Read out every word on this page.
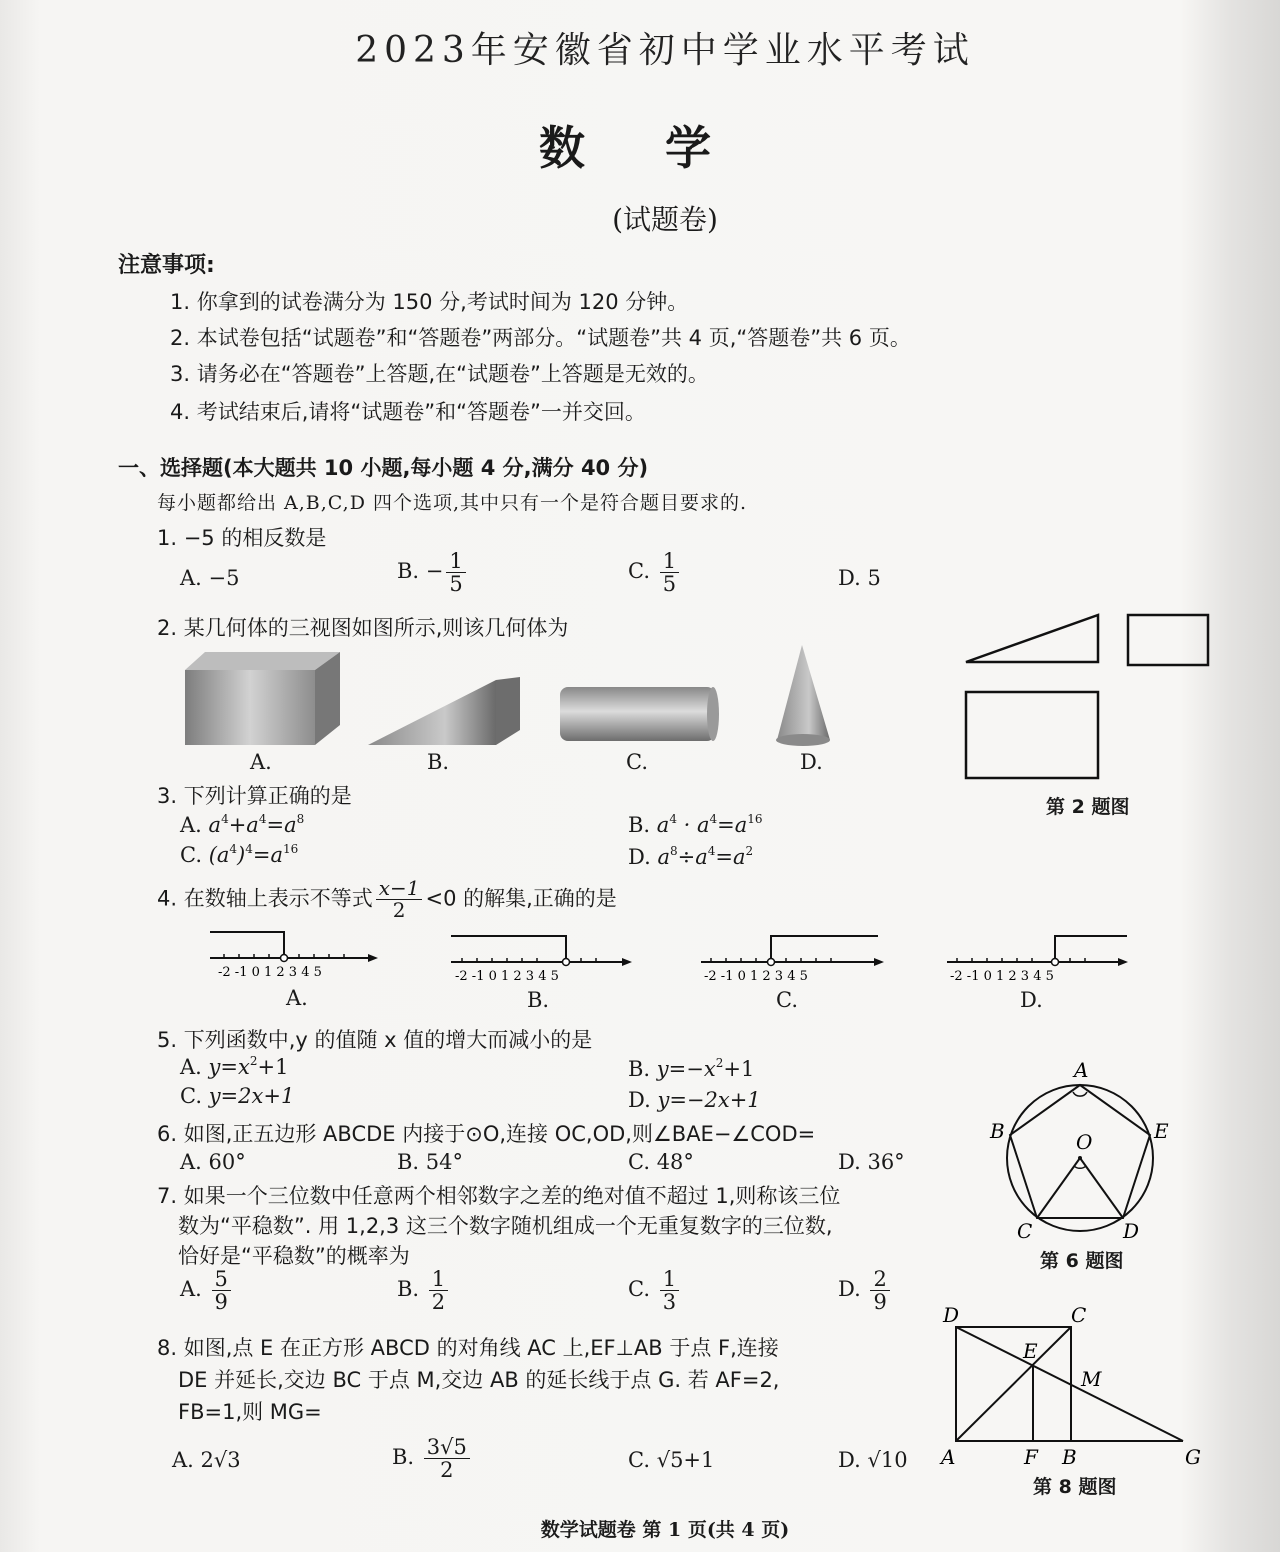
2023年安徽省初中学业水平考试
数学
(试题卷)
注意事项:
1. 你拿到的试卷满分为 150 分,考试时间为 120 分钟。
2. 本试卷包括“试题卷”和“答题卷”两部分。“试题卷”共 4 页,“答题卷”共 6 页。
3. 请务必在“答题卷”上答题,在“试题卷”上答题是无效的。
4. 考试结束后,请将“试题卷”和“答题卷”一并交回。
一、选择题(本大题共 10 小题,每小题 4 分,满分 40 分)
每小题都给出 A,B,C,D 四个选项,其中只有一个是符合题目要求的.
1. −5 的相反数是
A. −5	B. − $\frac{1}{5}$	C. $\frac{1}{5}$	D. 5
2. 某几何体的三视图如图所示,则该几何体为
A.	B.	C.	D.
第 2 题图
3. 下列计算正确的是
A. $a^4+a^4=a^8$	B. $a^4 \cdot a^4=a^{16}$
C. $(a^4)^4=a^{16}$	D. $a^8\div a^4=a^2$
4. 在数轴上表示不等式 $\frac{x-1}{2} <0$ 的解集,正确的是
-2 -1 0 1 2 3 4 5
A.
-2 -1 0 1 2 3 4 5
B.
-2 -1 0 1 2 3 4 5
C.
-2 -1 0 1 2 3 4 5
D.
5. 下列函数中,y 的值随 x 值的增大而减小的是
A. $y=x^2+1$	B. $y=-x^2+1$
C. y=2x+1	D. y=−2x+1
6. 如图,正五边形 ABCDE 内接于⊙O,连接 OC,OD,则∠BAE−∠COD=
A. 60°	B. 54°	C. 48°	D. 36°
A
B
C	D
E
O
第 6 题图
7. 如果一个三位数中任意两个相邻数字之差的绝对值不超过 1,则称该三位
数为“平稳数”. 用 1,2,3 这三个数字随机组成一个无重复数字的三位数,
恰好是“平稳数”的概率为
A. $\frac{5}{9}$	B. $\frac{1}{2}$	C. $\frac{1}{3}$	D. $\frac{2}{9}$
8. 如图,点 E 在正方形 ABCD 的对角线 AC 上,EF⊥AB 于点 F,连接
DE 并延长,交边 BC 于点 M,交边 AB 的延长线于点 G. 若 AF=2,
FB=1,则 MG=
A. 2√3	B. $\frac{3√5}{2}$	C. √5+1	D. √10
D	C
E
M
A	F B	G
第 8 题图
数学试题卷 第 1 页(共 4 页)
